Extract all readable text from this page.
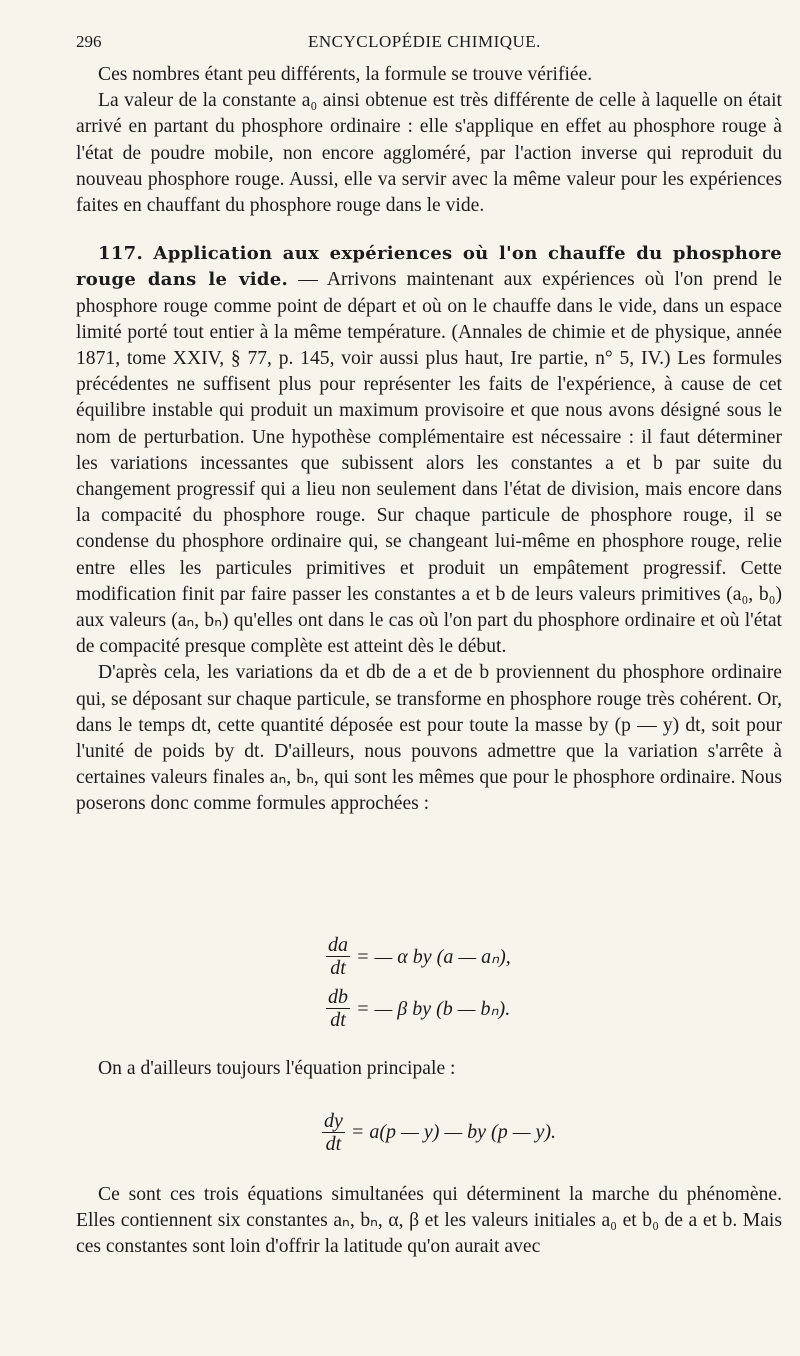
296	ENCYCLOPÉDIE CHIMIQUE.

Ces nombres étant peu différents, la formule se trouve vérifiée.

La valeur de la constante a₀ ainsi obtenue est très différente de celle à laquelle on était arrivé en partant du phosphore ordinaire : elle s'applique en effet au phosphore rouge à l'état de poudre mobile, non encore aggloméré, par l'action inverse qui reproduit du nouveau phosphore rouge. Aussi, elle va servir avec la même valeur pour les expériences faites en chauffant du phosphore rouge dans le vide.

117. Application aux expériences où l'on chauffe du phosphore rouge dans le vide. — Arrivons maintenant aux expériences où l'on prend le phosphore rouge comme point de départ et où on le chauffe dans le vide, dans un espace limité porté tout entier à la même température. (Annales de chimie et de physique, année 1871, tome XXIV, § 77, p. 145, voir aussi plus haut, Ire partie, n° 5, IV.) Les formules précédentes ne suffisent plus pour représenter les faits de l'expérience, à cause de cet équilibre instable qui produit un maximum provisoire et que nous avons désigné sous le nom de perturbation. Une hypothèse complémentaire est nécessaire : il faut déterminer les variations incessantes que subissent alors les constantes a et b par suite du changement progressif qui a lieu non seulement dans l'état de division, mais encore dans la compacité du phosphore rouge. Sur chaque particule de phosphore rouge, il se condense du phosphore ordinaire qui, se changeant lui-même en phosphore rouge, relie entre elles les particules primitives et produit un empâtement progressif. Cette modification finit par faire passer les constantes a et b de leurs valeurs primitives (a₀, b₀) aux valeurs (aₙ, bₙ) qu'elles ont dans le cas où l'on part du phosphore ordinaire et où l'état de compacité presque complète est atteint dès le début.

D'après cela, les variations da et db de a et de b proviennent du phosphore ordinaire qui, se déposant sur chaque particule, se transforme en phosphore rouge très cohérent. Or, dans le temps dt, cette quantité déposée est pour toute la masse by (p — y) dt, soit pour l'unité de poids by dt. D'ailleurs, nous pouvons admettre que la variation s'arrête à certaines valeurs finales aₙ, bₙ, qui sont les mêmes que pour le phosphore ordinaire. Nous poserons donc comme formules approchées :

$\frac{da}{dt}$ = — α by (a — aₙ),
$\frac{db}{dt}$ = — β by (b — bₙ).
On a d'ailleurs toujours l'équation principale :
$\frac{dy}{dt} = a(p$ — y) — by (p — y).
Ce sont ces trois équations simultanées qui déterminent la marche du phénomène. Elles contiennent six constantes aₙ, bₙ, α, β et les valeurs initiales a₀ et b₀ de a et b. Mais ces constantes sont loin d'offrir la latitude qu'on aurait avec
